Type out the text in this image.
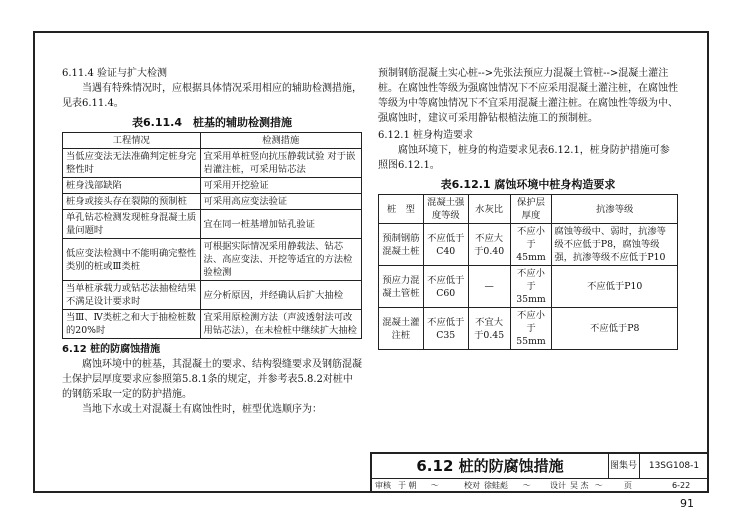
6.11.4 验证与扩大检测

当遇有特殊情况时，应根据具体情况采用相应的辅助检测措施，见表6.11.4。

表6.11.4　桩基的辅助检测措施
工程情况	检测措施
当低应变法无法准确判定桩身完整性时	宜采用单桩竖向抗压静载试验 对于嵌岩灌注桩，可采用钻芯法
桩身浅部缺陷	可采用开挖验证
桩身或接头存在裂隙的预制桩	可采用高应变法验证
单孔钻芯检测发现桩身混凝土质量问题时	宜在同一桩基增加钻孔验证
低应变法检测中不能明确完整性类别的桩或Ⅲ类桩	可根据实际情况采用静载法、钻芯法、高应变法、开挖等适宜的方法检验检测
当单桩承载力或钻芯法抽检结果不满足设计要求时	应分析原因，并经确认后扩大抽检
当Ⅲ、Ⅳ类桩之和大于抽检桩数的20%时	宜采用原检测方法（声波透射法可改用钻芯法），在未检桩中继续扩大抽检

6.12 桩的防腐蚀措施

腐蚀环境中的桩基，其混凝土的要求、结构裂缝要求及钢筋混凝土保护层厚度要求应参照第5.8.1条的规定，并参考表5.8.2对桩中的钢筋采取一定的防护措施。

当地下水或土对混凝土有腐蚀性时，桩型优选顺序为：

预制钢筋混凝土实心桩-->先张法预应力混凝土管桩-->混凝土灌注桩。在腐蚀性等级为强腐蚀情况下不应采用混凝土灌注桩，在腐蚀性等级为中等腐蚀情况下不宜采用混凝土灌注桩。在腐蚀性等级为中、强腐蚀时，建议可采用静钻根植法施工的预制桩。

6.12.1 桩身构造要求

腐蚀环境下，桩身的构造要求见表6.12.1，桩身防护措施可参照图6.12.1。

表6.12.1 腐蚀环境中桩身构造要求
桩　型	混凝土强度等级	水灰比	保护层厚度	抗渗等级
预制钢筋混凝土桩	不应低于C40	不应大于0.40	不应小于45mm	腐蚀等级中、弱时，抗渗等级不应低于P8，腐蚀等级强，抗渗等级不应低于P10
预应力混凝土管桩	不应低于C60	—	不应小于35mm	不应低于P10
混凝土灌注桩	不应低于C35	不宜大于0.45	不应小于55mm	不应低于P8
6.12 桩的防腐蚀措施	图集号	13SG108-1
审核 于 朝 ～	校对 徐蛙彪 ～	设计 吴 杰 ～	页	6-22
91
